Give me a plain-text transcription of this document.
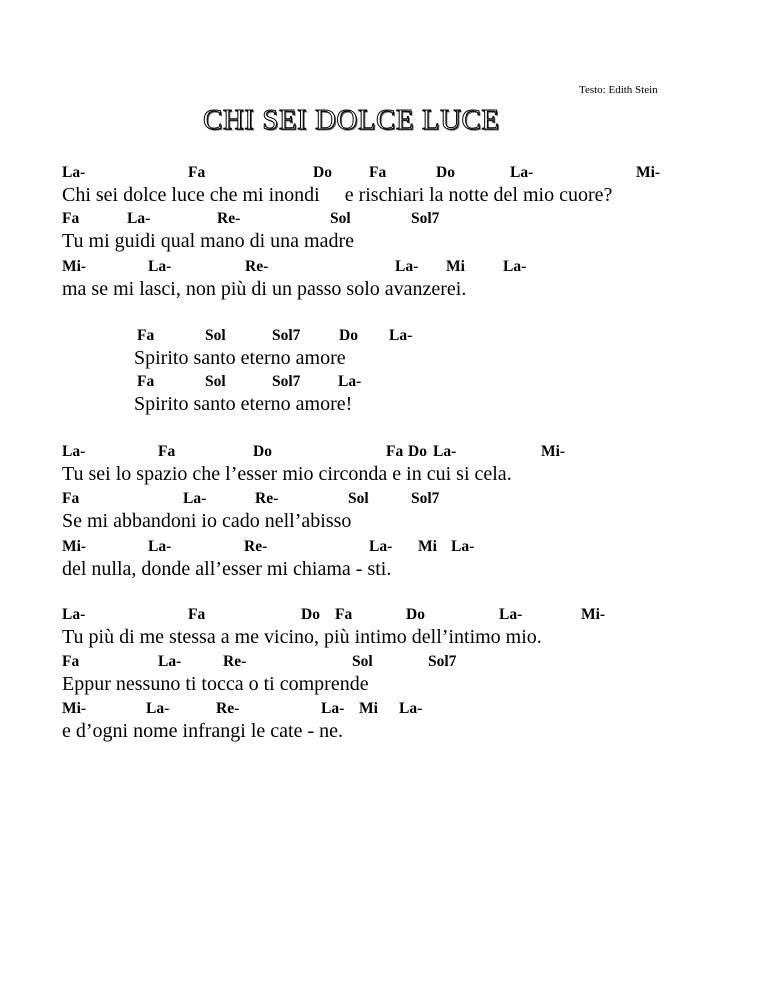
Testo: Edith Stein
CHI SEI DOLCE LUCE
La-	Fa	Do Fa	Do	La-	Mi-
Chi sei dolce luce che mi inondi     e rischiari la notte del mio cuore?
Fa	La-	Re-	Sol	Sol7
Tu mi guidi qual mano di una madre
Mi-	La-	Re-	La- Mi La-
ma se mi lasci, non più di un passo solo avanzerei.
Fa	Sol	Sol7 Do La-
Spirito santo eterno amore
Fa	Sol	Sol7 La-
Spirito santo eterno amore!
La-	Fa	Do	Fa Do La-	Mi-
Tu sei lo spazio che l’esser mio circonda e in cui si cela.
Fa	La-	Re-	Sol	Sol7
Se mi abbandoni io cado nell’abisso
Mi-	La-	Re-	La- Mi La-
del nulla, donde all’esser mi chiama - sti.
La-	Fa	Do Fa	Do	La-	Mi-
Tu più di me stessa a me vicino, più intimo dell’intimo mio.
Fa	La-	Re-	Sol	Sol7
Eppur nessuno ti tocca o ti comprende
Mi-	La-	Re-	La- Mi La-
e d’ogni nome infrangi le cate - ne.
